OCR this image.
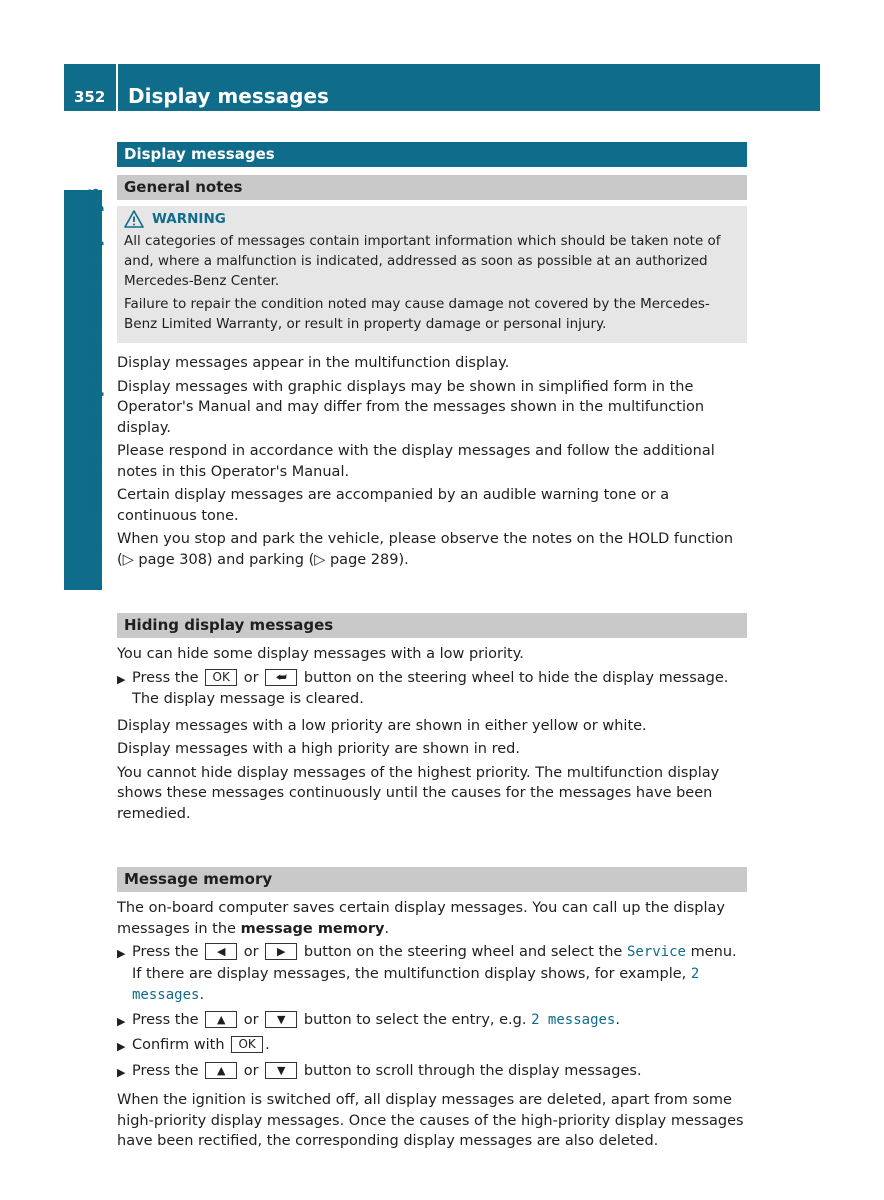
352 Display messages
On-board computer and displays
Display messages
General notes
WARNING

All categories of messages contain important information which should be taken note of and, where a malfunction is indicated, addressed as soon as possible at an authorized Mercedes-Benz Center.

Failure to repair the condition noted may cause damage not covered by the Mercedes-Benz Limited Warranty, or result in property damage or personal injury.

Display messages appear in the multifunction display.

Display messages with graphic displays may be shown in simplified form in the Operator's Manual and may differ from the messages shown in the multifunction display.

Please respond in accordance with the display messages and follow the additional notes in this Operator's Manual.

Certain display messages are accompanied by an audible warning tone or a continuous tone.

When you stop and park the vehicle, please observe the notes on the HOLD function
(▷ page 308) and parking (▷ page 289).

Hiding display messages

You can hide some display messages with a low priority.

▶ Press the OK or ⮨ button on the steering wheel to hide the display message.
The display message is cleared.

Display messages with a low priority are shown in either yellow or white.

Display messages with a high priority are shown in red.

You cannot hide display messages of the highest priority. The multifunction display shows these messages continuously until the causes for the messages have been remedied.

Message memory

The on-board computer saves certain display messages. You can call up the display messages in the message memory.

▶ Press the ◀ or ▶ button on the steering wheel and select the Service menu.
If there are display messages, the multifunction display shows, for example, 2 messages.
▶ Press the ▲ or ▼ button to select the entry, e.g. 2 messages.
▶ Confirm with OK .
▶ Press the ▲ or ▼ button to scroll through the display messages.

When the ignition is switched off, all display messages are deleted, apart from some high-priority display messages. Once the causes of the high-priority display messages have been rectified, the corresponding display messages are also deleted.
